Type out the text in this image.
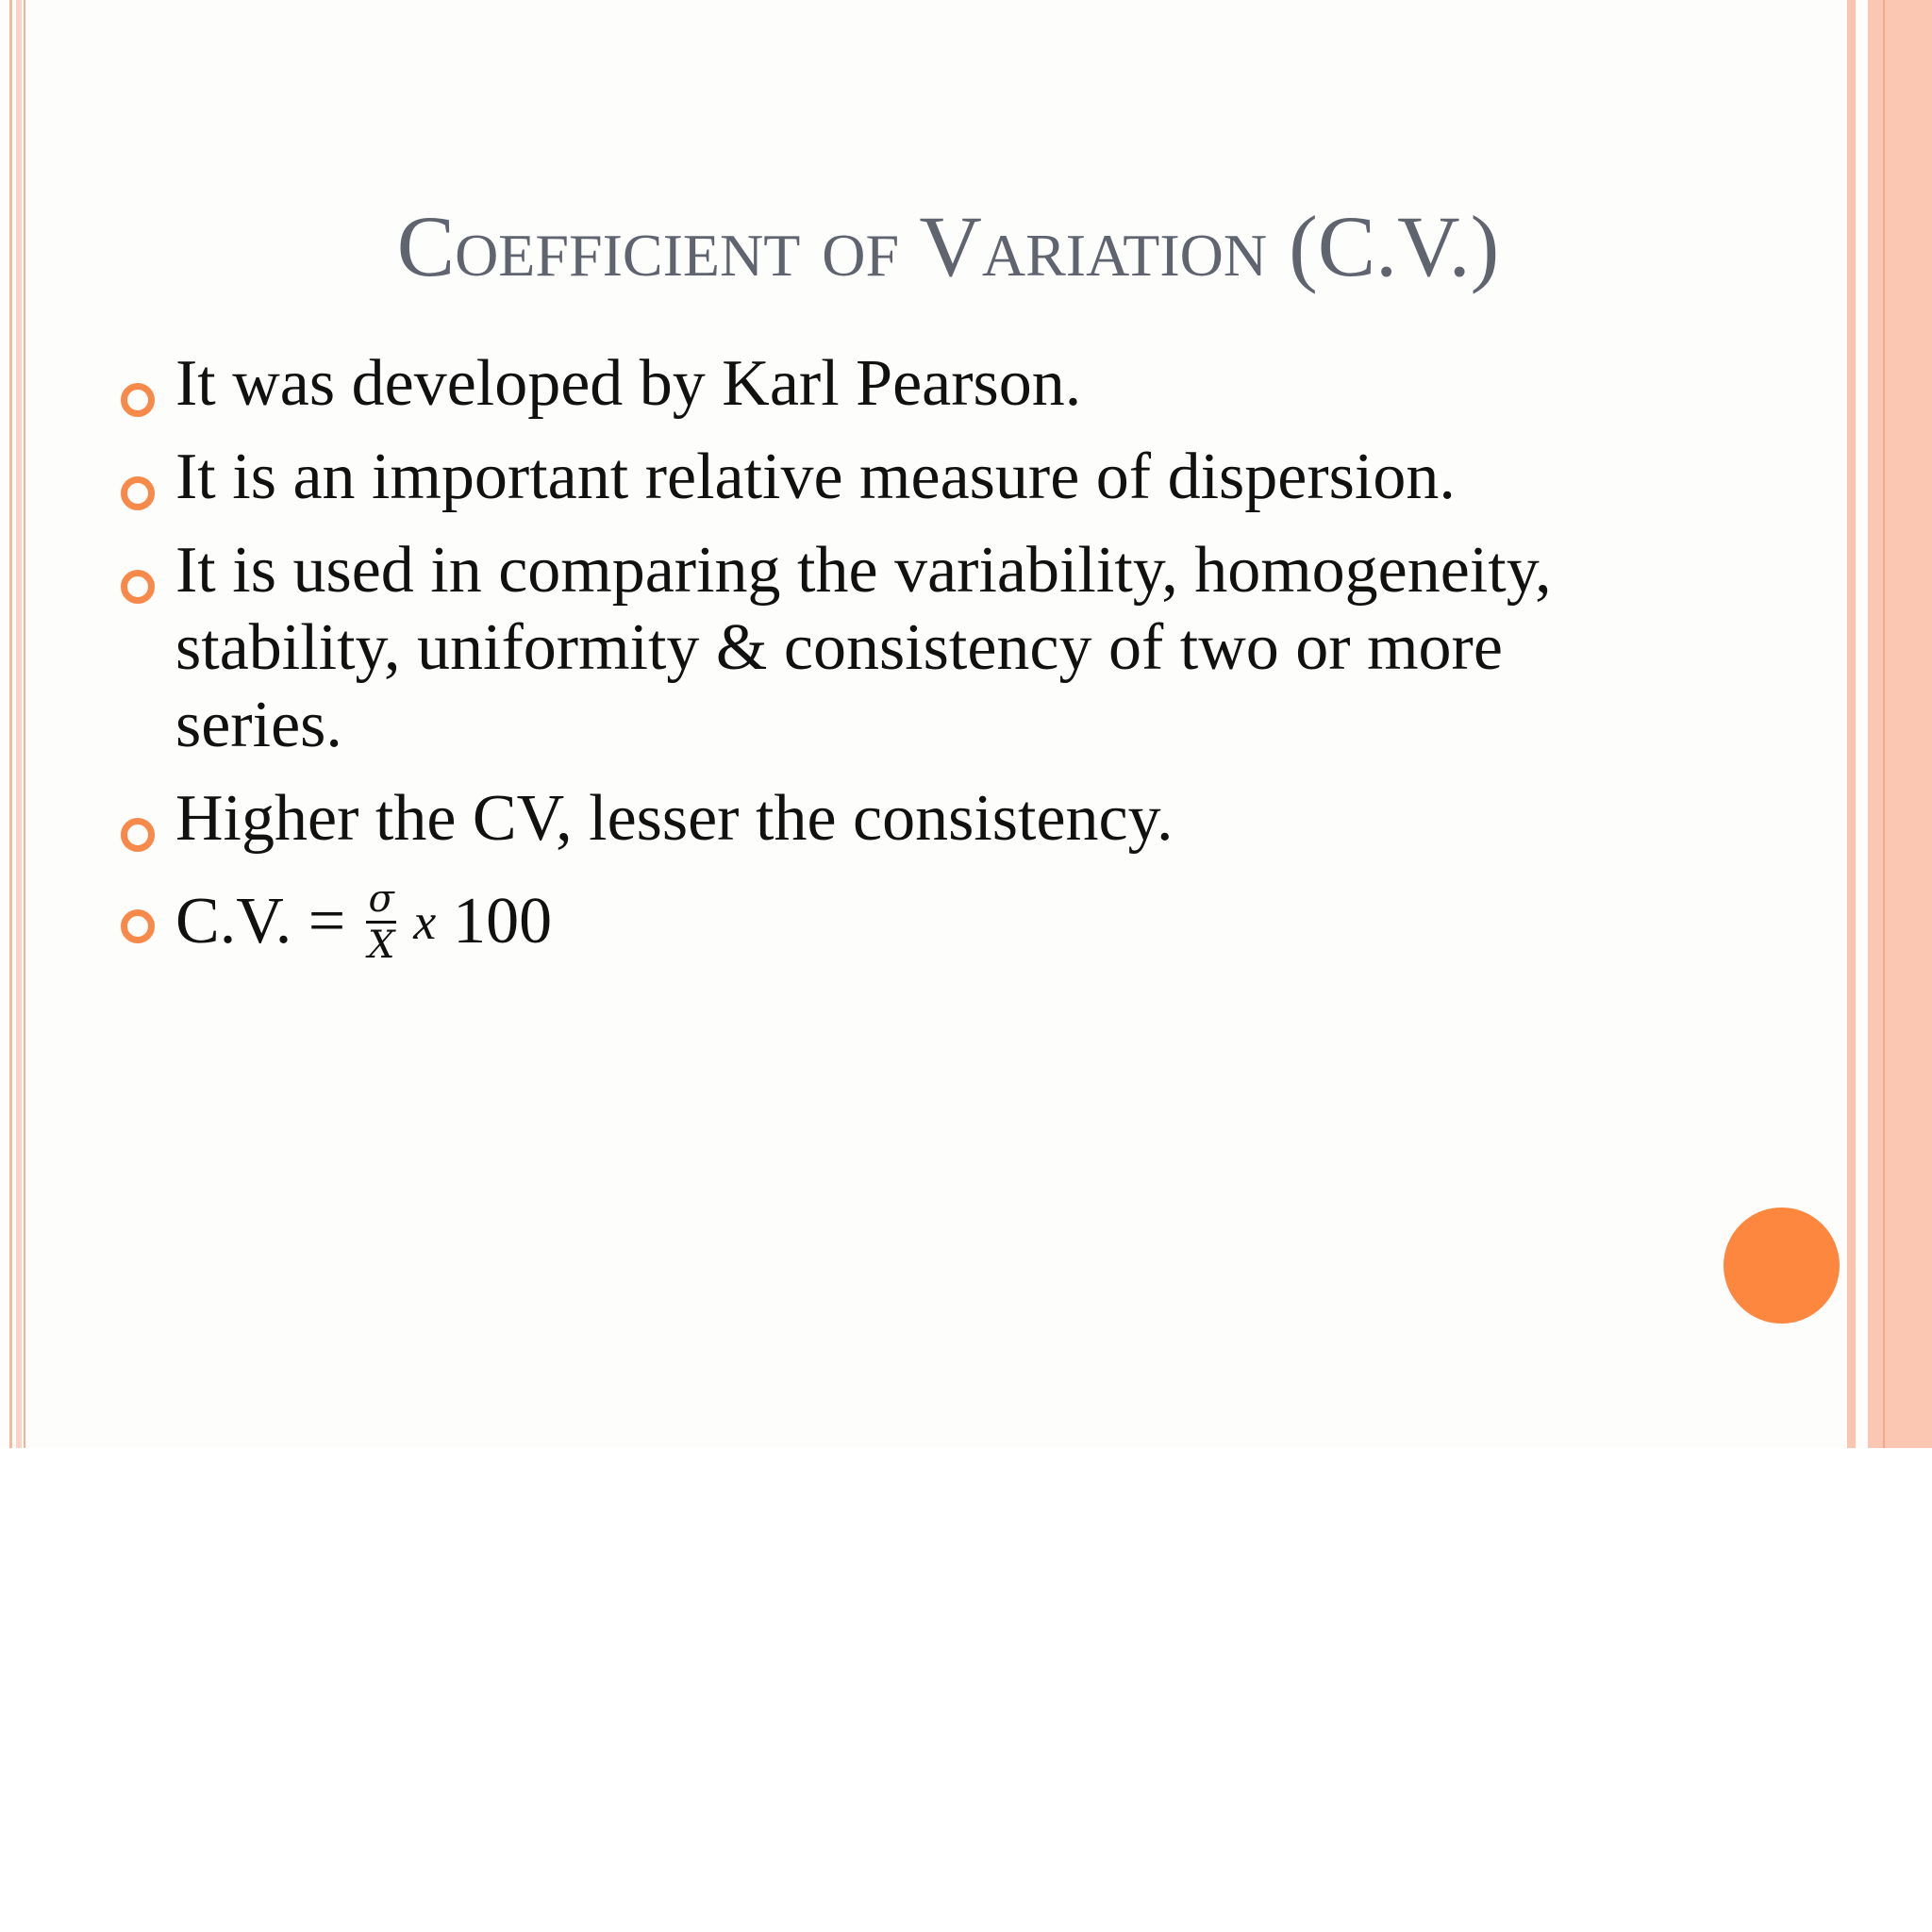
Coefficient of Variation (C.V.)
It was developed by Karl Pearson.
It is an important relative measure of dispersion.
It is used in comparing the variability, homogeneity, stability, uniformity & consistency of two or more series.
Higher the CV, lesser the consistency.
C.V. = $\frac{\sigma}{X}$ x 100
